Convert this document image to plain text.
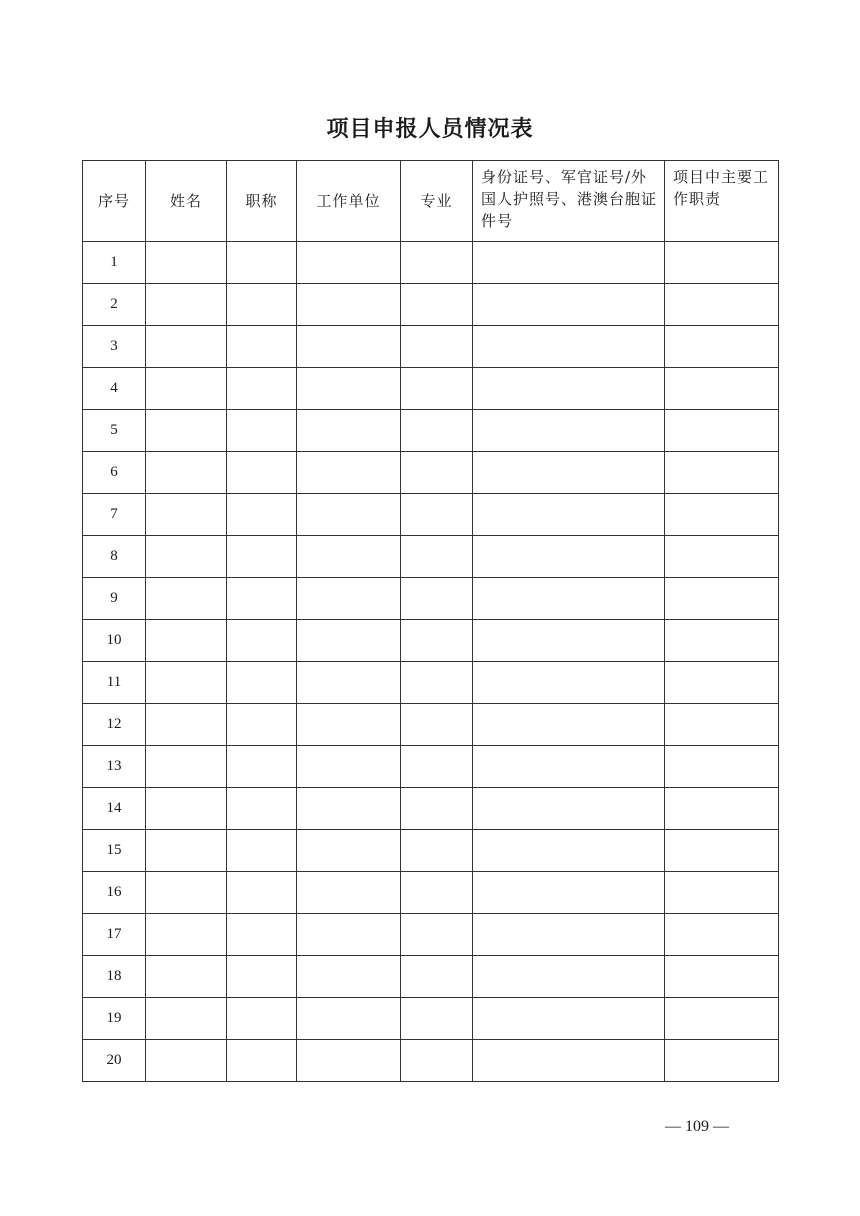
项目申报人员情况表
序号	姓名	职称	工作单位	专业	身份证号、军官证号/外国人护照号、港澳台胞证件号	项目中主要工作职责
1						
2						
3						
4						
5						
6						
7						
8						
9						
10						
11						
12						
13						
14						
15						
16						
17						
18						
19						
20						
— 109 —
